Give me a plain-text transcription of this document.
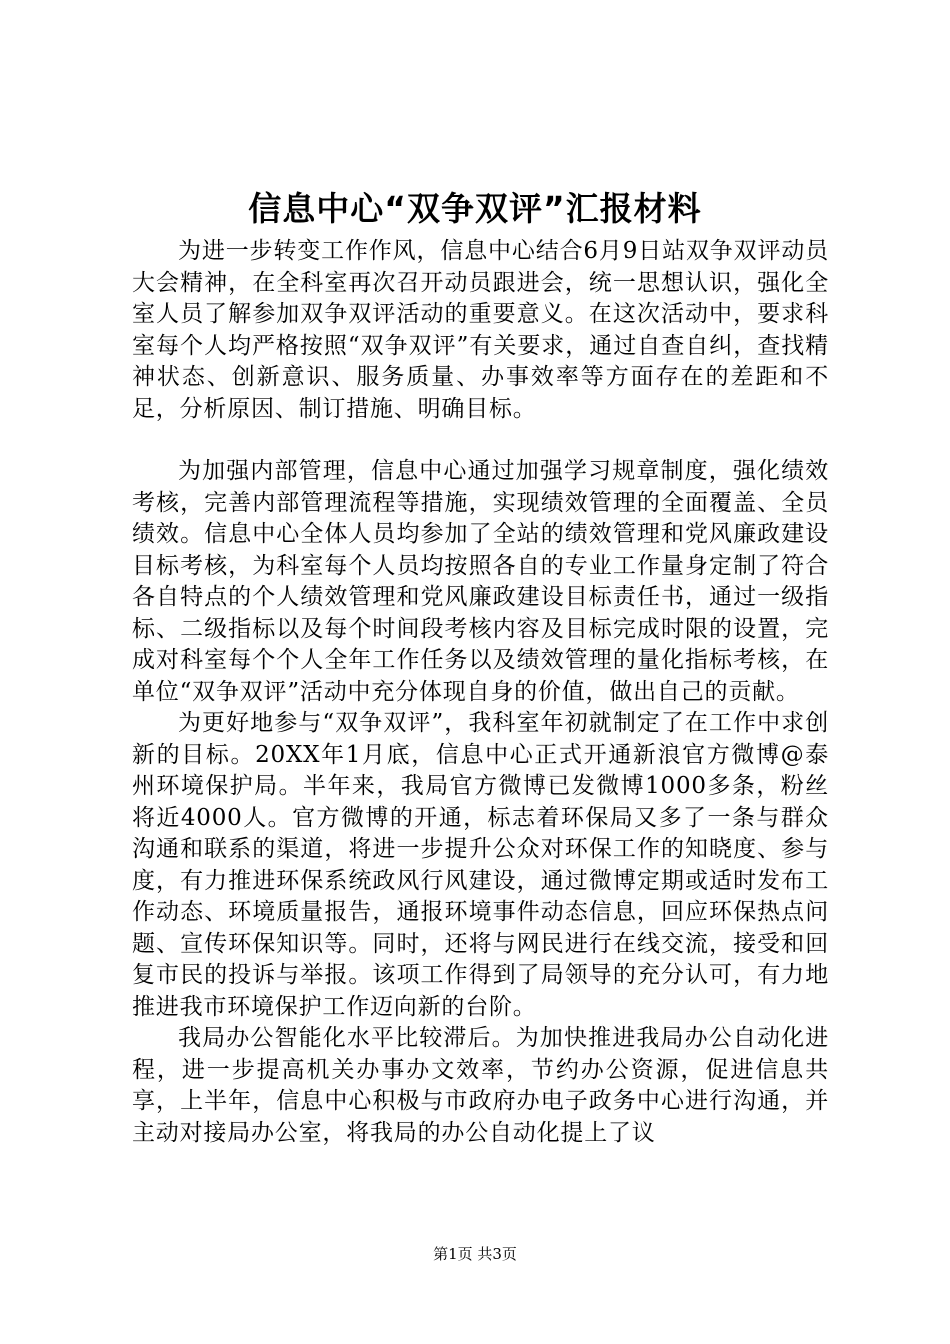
信息中心“双争双评”汇报材料

为进一步转变工作作风，信息中心结合6月9日站双争双评动员大会精神，在全科室再次召开动员跟进会，统一思想认识，强化全室人员了解参加双争双评活动的重要意义。在这次活动中，要求科室每个人均严格按照“双争双评”有关要求，通过自查自纠，查找精神状态、创新意识、服务质量、办事效率等方面存在的差距和不足，分析原因、制订措施、明确目标。

为加强内部管理，信息中心通过加强学习规章制度，强化绩效考核，完善内部管理流程等措施，实现绩效管理的全面覆盖、全员绩效。信息中心全体人员均参加了全站的绩效管理和党风廉政建设目标考核，为科室每个人员均按照各自的专业工作量身定制了符合各自特点的个人绩效管理和党风廉政建设目标责任书，通过一级指标、二级指标以及每个时间段考核内容及目标完成时限的设置，完成对科室每个个人全年工作任务以及绩效管理的量化指标考核，在单位“双争双评”活动中充分体现自身的价值，做出自己的贡献。

为更好地参与“双争双评”，我科室年初就制定了在工作中求创新的目标。20XX年1月底，信息中心正式开通新浪官方微博@泰州环境保护局。半年来，我局官方微博已发微博1000多条，粉丝将近4000人。官方微博的开通，标志着环保局又多了一条与群众沟通和联系的渠道，将进一步提升公众对环保工作的知晓度、参与度，有力推进环保系统政风行风建设，通过微博定期或适时发布工作动态、环境质量报告，通报环境事件动态信息，回应环保热点问题、宣传环保知识等。同时，还将与网民进行在线交流，接受和回复市民的投诉与举报。该项工作得到了局领导的充分认可，有力地推进我市环境保护工作迈向新的台阶。

我局办公智能化水平比较滞后。为加快推进我局办公自动化进程，进一步提高机关办事办文效率，节约办公资源，促进信息共享，上半年，信息中心积极与市政府办电子政务中心进行沟通，并主动对接局办公室，将我局的办公自动化提上了议

第1页 共3页
